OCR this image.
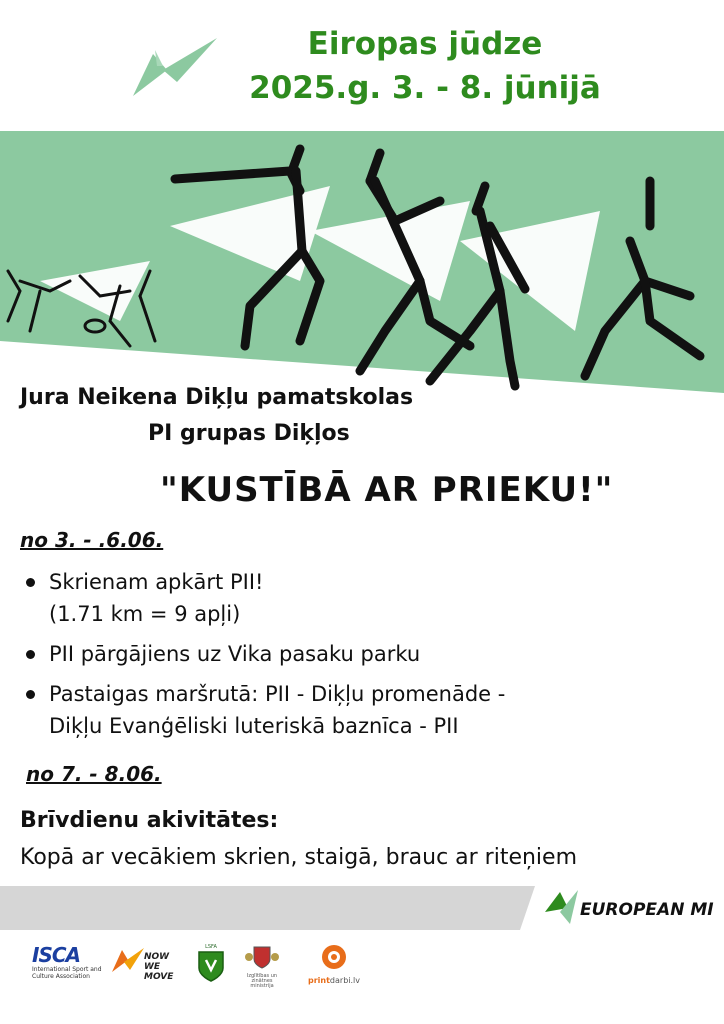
Eiropas jūdze
2025.g. 3. - 8. jūnijā
Jura Neikena Diķļu pamatskolas
PI grupas Diķļos
"KUSTĪBĀ AR PRIEKU!"
no 3. - .6.06.
Skrienam apkārt PII!
(1.71 km = 9 apļi)
PII pārgājiens uz Vika pasaku parku
Pastaigas maršrutā: PII - Diķļu promenāde -
Diķļu Evanģēliski luteriskā baznīca - PII
no 7. - 8.06.
Brīvdienu akivitātes:
Kopā ar vecākiem skrien, staigā, brauc ar riteņiem
EUROPEAN MI
ISCA
International Sport and Culture Association
NOW
WE MOVE
LSFA
Izglītības un zinātnes
ministrija
printdarbi.lv
